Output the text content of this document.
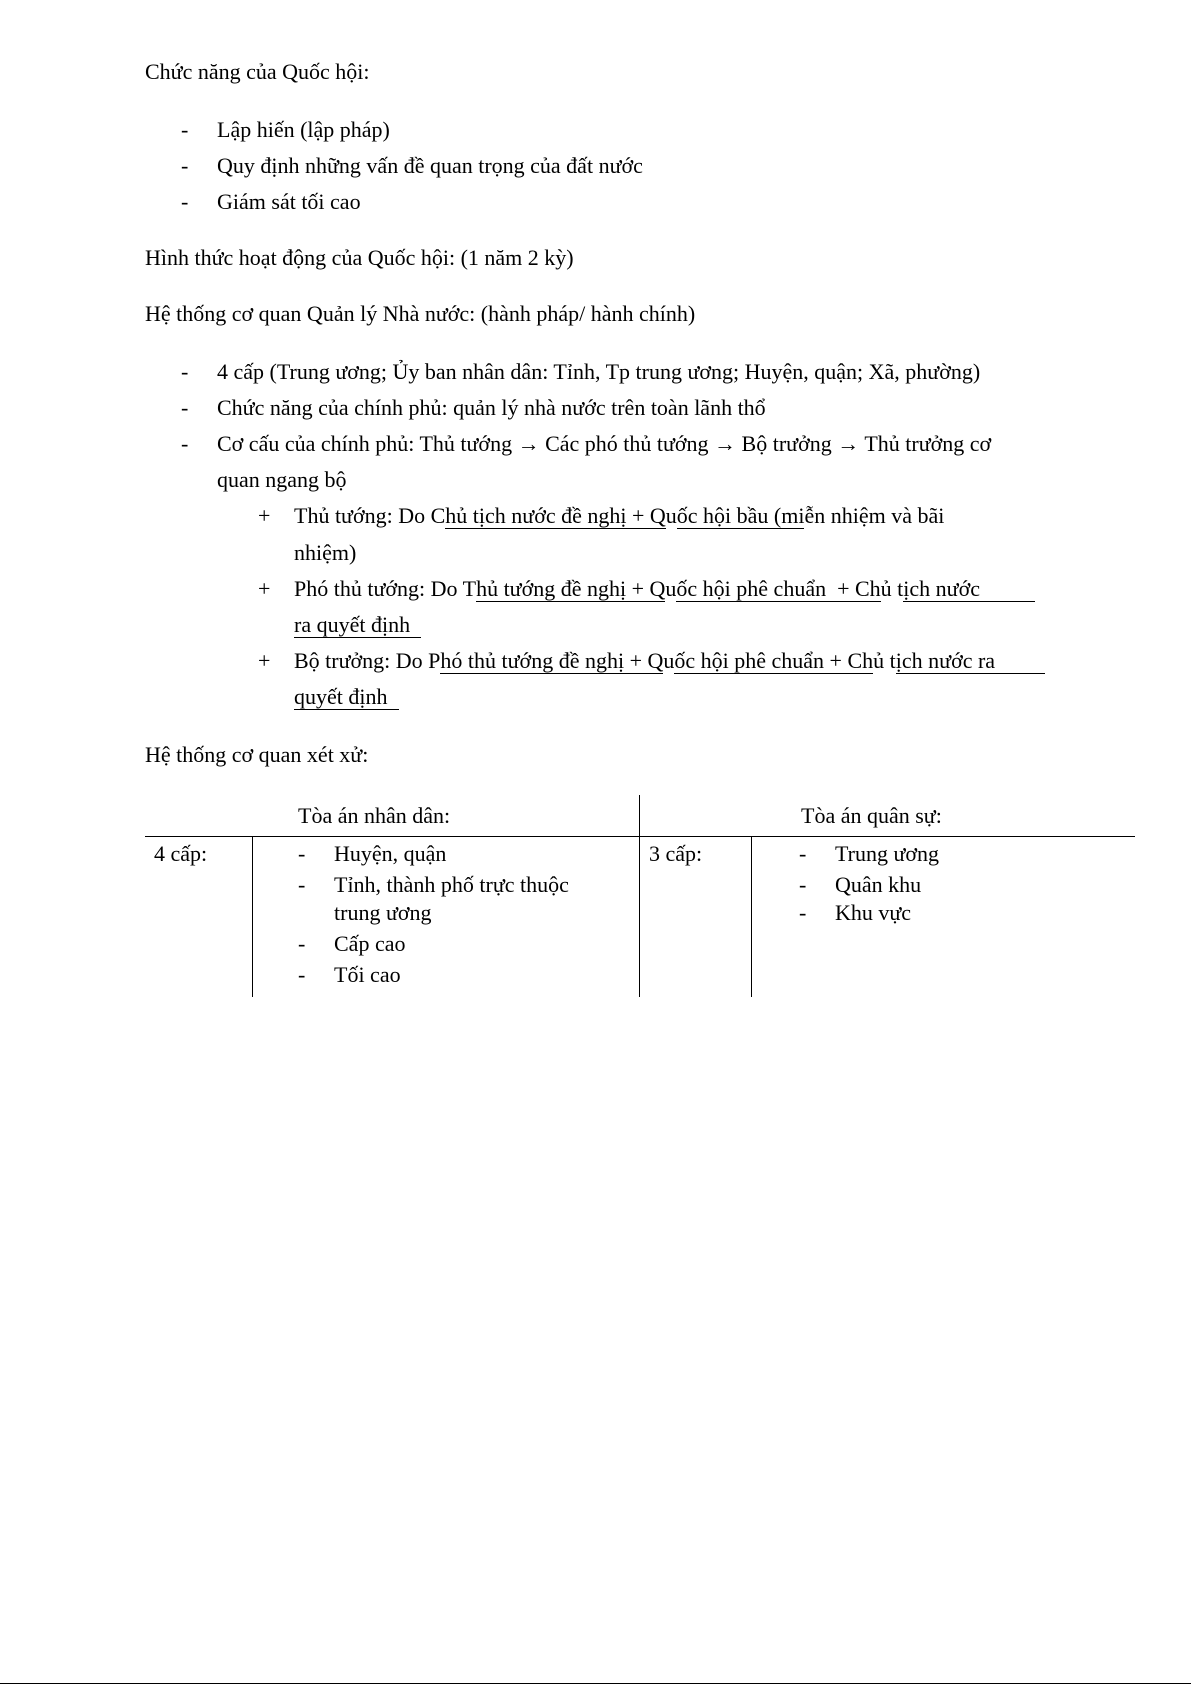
Chức năng của Quốc hội:
- Lập hiến (lập pháp)
- Quy định những vấn đề quan trọng của đất nước
- Giám sát tối cao
Hình thức hoạt động của Quốc hội: (1 năm 2 kỳ)
Hệ thống cơ quan Quản lý Nhà nước: (hành pháp/ hành chính)
- 4 cấp (Trung ương; Ủy ban nhân dân: Tỉnh, Tp trung ương; Huyện, quận; Xã, phường)
- Chức năng của chính phủ: quản lý nhà nước trên toàn lãnh thổ
- Cơ cấu của chính phủ: Thủ tướng → Các phó thủ tướng → Bộ trưởng → Thủ trưởng cơ
quan ngang bộ
+ Thủ tướng: Do Chủ tịch nước đề nghị + Quốc hội bầu (miễn nhiệm và bãi
nhiệm)
+ Phó thủ tướng: Do Thủ tướng đề nghị + Quốc hội phê chuẩn  + Chủ tịch nước
ra quyết định
+ Bộ trưởng: Do Phó thủ tướng đề nghị + Quốc hội phê chuẩn + Chủ tịch nước ra
quyết định
Hệ thống cơ quan xét xử:
Tòa án nhân dân:	Tòa án quân sự:
4 cấp:	- Huyện, quận
- Tỉnh, thành phố trực thuộc
trung ương
- Cấp cao
- Tối cao
3 cấp:	- Trung ương
- Quân khu
- Khu vực
